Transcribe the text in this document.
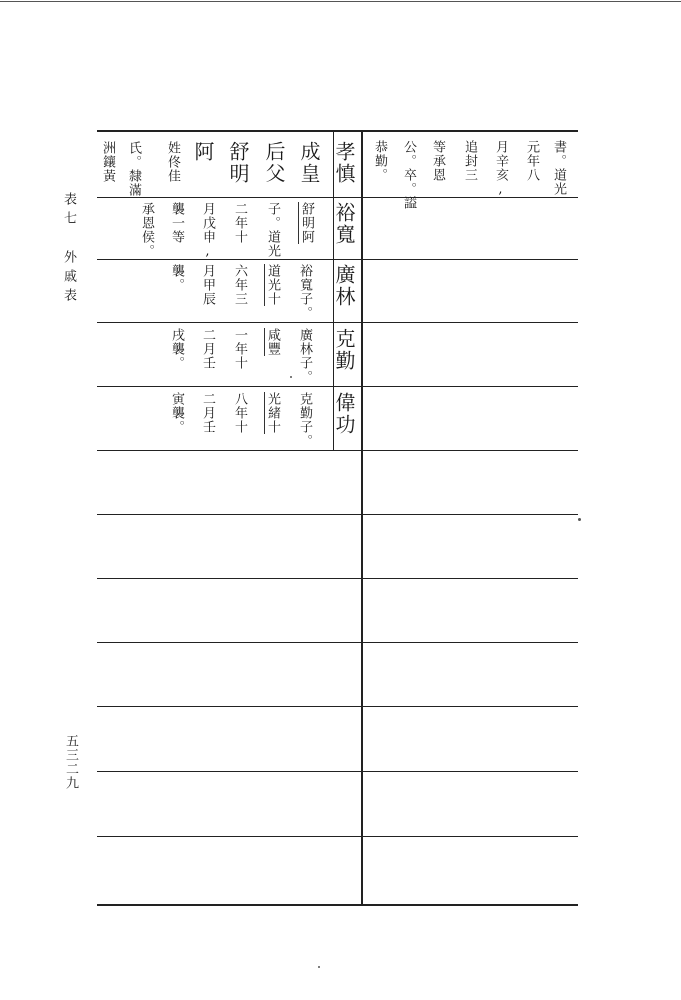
表七
外戚表
五三二九
孝慎
成皇
后父
舒明
阿
姓佟佳
氏。隸滿
洲鑲黃	書。道光
元年八
月辛亥,
追封三
等承恩
公。卒。謚
恭勤。
裕寬
舒明阿
子。道光
二年十
月戊申,
襲一等
承恩侯。
廣林
裕寬子。
道光十
六年三
月甲辰
襲。
克勤
廣林子。
咸豐
一年十
二月壬
戌襲。
偉功
克勤子。
光緒十
八年十
二月壬
寅襲。
